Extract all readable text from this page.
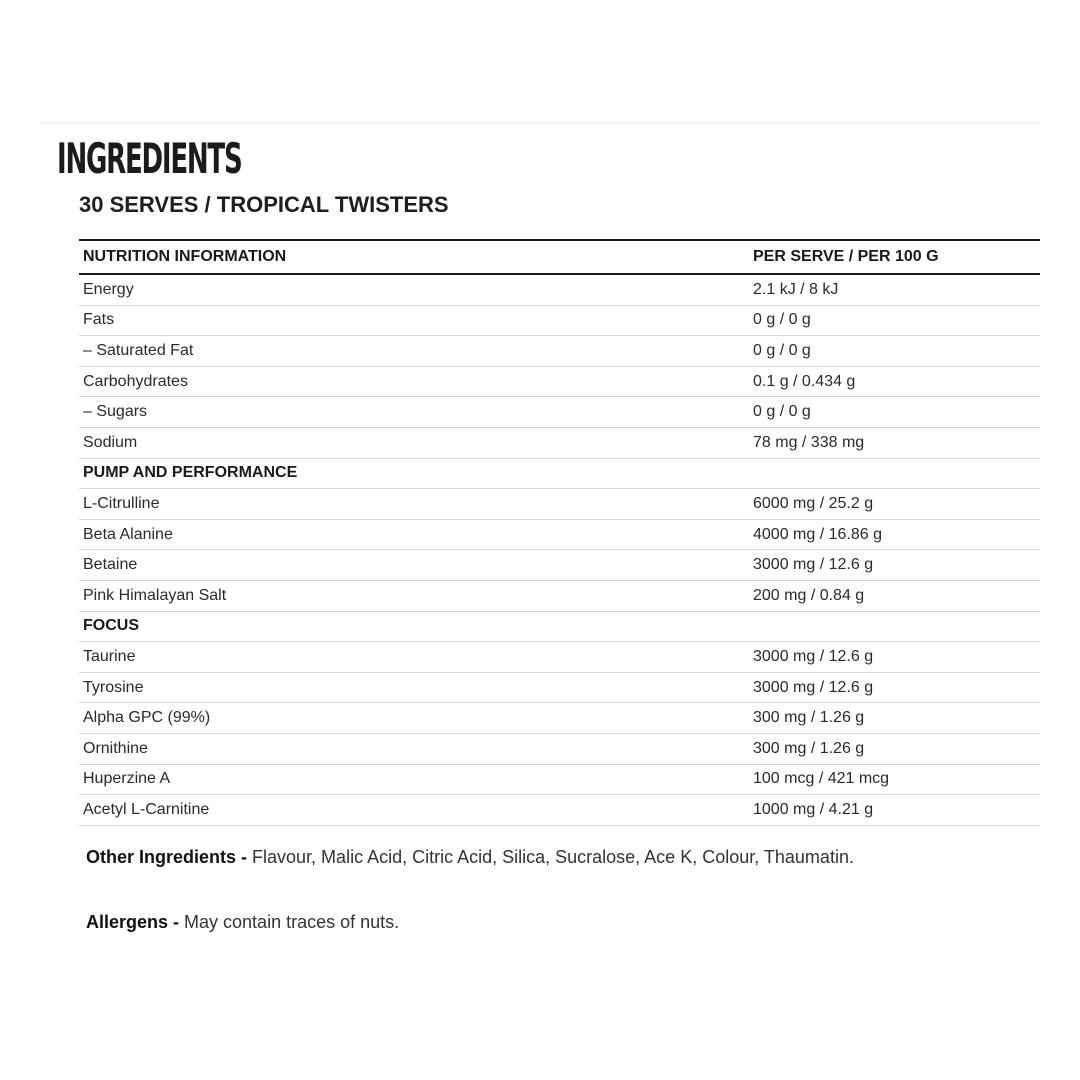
INGREDIENTS
30 SERVES / TROPICAL TWISTERS
NUTRITION INFORMATION	PER SERVE / PER 100 G
Energy	2.1 kJ / 8 kJ
Fats	0 g / 0 g
– Saturated Fat	0 g / 0 g
Carbohydrates	0.1 g / 0.434 g
– Sugars	0 g / 0 g
Sodium	78 mg / 338 mg
PUMP AND PERFORMANCE	
L-Citrulline	6000 mg / 25.2 g
Beta Alanine	4000 mg / 16.86 g
Betaine	3000 mg / 12.6 g
Pink Himalayan Salt	200 mg / 0.84 g
FOCUS	
Taurine	3000 mg / 12.6 g
Tyrosine	3000 mg / 12.6 g
Alpha GPC (99%)	300 mg / 1.26 g
Ornithine	300 mg / 1.26 g
Huperzine A	100 mcg / 421 mcg
Acetyl L-Carnitine	1000 mg / 4.21 g

Other Ingredients - Flavour, Malic Acid, Citric Acid, Silica, Sucralose, Ace K, Colour, Thaumatin.

Allergens - May contain traces of nuts.
